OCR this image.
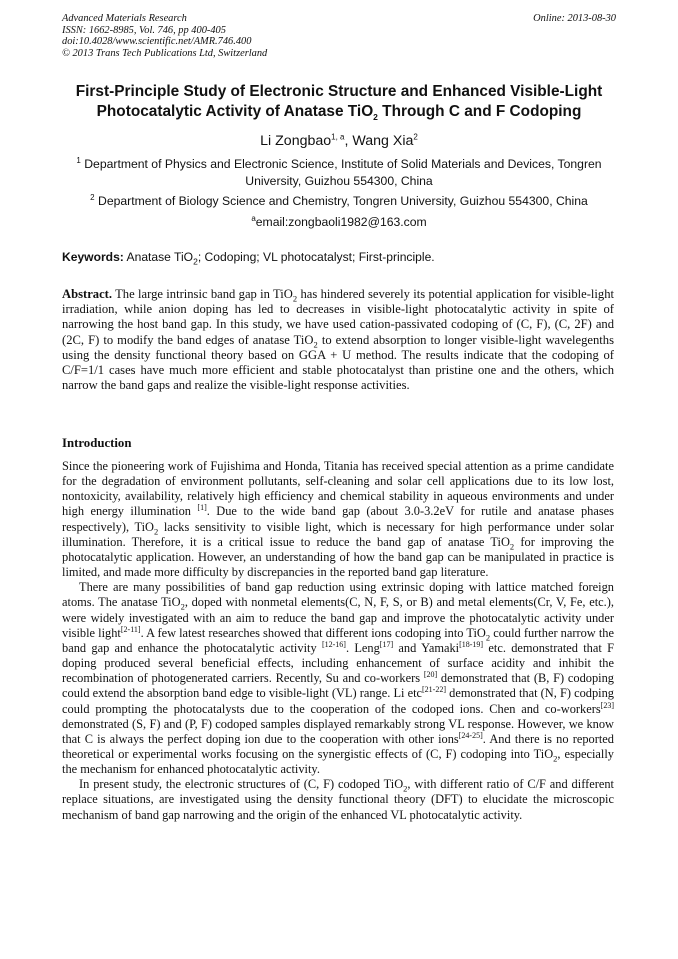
Advanced Materials Research
ISSN: 1662-8985, Vol. 746, pp 400-405
doi:10.4028/www.scientific.net/AMR.746.400
© 2013 Trans Tech Publications Ltd, Switzerland
Online: 2013-08-30
First-Principle Study of Electronic Structure and Enhanced Visible-Light
Photocatalytic Activity of Anatase TiO$_2$ Through C and F Codoping
Li Zongbao$^{1, a}$, Wang Xia$^2$
$^1$ Department of Physics and Electronic Science, Institute of Solid Materials and Devices, Tongren University, Guizhou 554300, China
$^2$ Department of Biology Science and Chemistry, Tongren University, Guizhou 554300, China
$^a$email:zongbaoli1982@163.com
Keywords: Anatase TiO$_2$; Codoping; VL photocatalyst; First-principle.
Abstract. The large intrinsic band gap in TiO$_2$ has hindered severely its potential application for visible-light irradiation, while anion doping has led to decreases in visible-light photocatalytic activity in spite of narrowing the host band gap. In this study, we have used cation-passivated codoping of (C, F), (C, 2F) and (2C, F) to modify the band edges of anatase TiO$_2$ to extend absorption to longer visible-light wavelegenths using the density functional theory based on GGA + U method. The results indicate that the codoping of C/F=1/1 cases have much more efficient and stable photocatalyst than pristine one and the others, which narrow the band gaps and realize the visible-light response activities.
Introduction

Since the pioneering work of Fujishima and Honda, Titania has received special attention as a prime candidate for the degradation of environment pollutants, self-cleaning and solar cell applications due to its low lost, nontoxicity, availability, relatively high efficiency and chemical stability in aqueous environments and under high energy illumination [1]. Due to the wide band gap (about 3.0-3.2eV for rutile and anatase phases respectively), TiO$_2$ lacks sensitivity to visible light, which is necessary for high performance under solar illumination. Therefore, it is a critical issue to reduce the band gap of anatase TiO$_2$ for improving the photocatalytic application. However, an understanding of how the band gap can be manipulated in practice is limited, and made more difficulty by discrepancies in the reported band gap literature.

There are many possibilities of band gap reduction using extrinsic doping with lattice matched foreign atoms. The anatase TiO$_2$, doped with nonmetal elements(C, N, F, S, or B) and metal elements(Cr, V, Fe, etc.), were widely investigated with an aim to reduce the band gap and improve the photocatalytic activity under visible light[2-11]. A few latest researches showed that different ions codoping into TiO$_2$ could further narrow the band gap and enhance the photocatalytic activity [12-16]. Leng[17] and Yamaki[18-19] etc. demonstrated that F doping produced several beneficial effects, including enhancement of surface acidity and inhibit the recombination of photogenerated carriers. Recently, Su and co-workers [20] demonstrated that (B, F) codoping could extend the absorption band edge to visible-light (VL) range. Li etc[21-22] demonstrated that (N, F) codping could prompting the photocatalysts due to the cooperation of the codoped ions. Chen and co-workers[23] demonstrated (S, F) and (P, F) codoped samples displayed remarkably strong VL response. However, we know that C is always the perfect doping ion due to the cooperation with other ions[24-25]. And there is no reported theoretical or experimental works focusing on the synergistic effects of (C, F) codoping into TiO$_2$, especially the mechanism for enhanced photocatalytic activity.

In present study, the electronic structures of (C, F) codoped TiO$_2$, with different ratio of C/F and different replace situations, are investigated using the density functional theory (DFT) to elucidate the microscopic mechanism of band gap narrowing and the origin of the enhanced VL photocatalytic activity.
